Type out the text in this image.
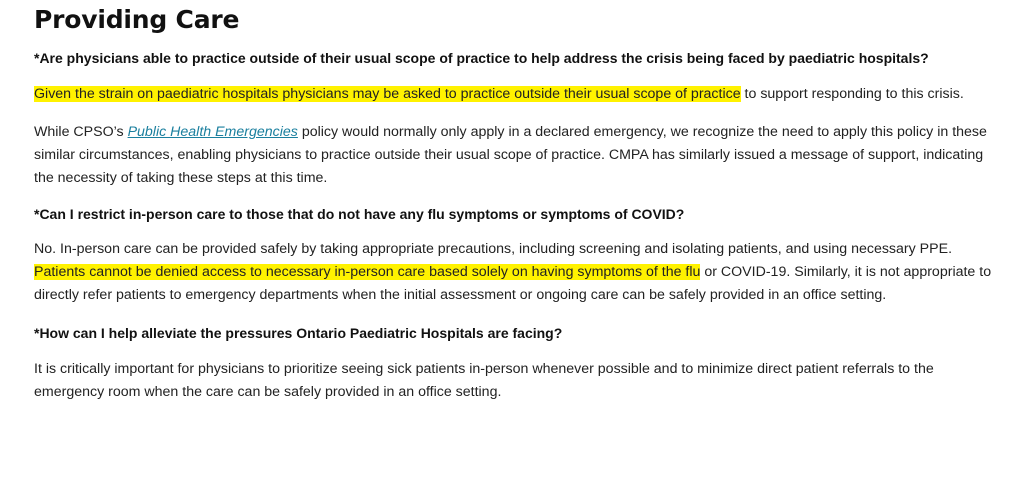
Providing Care
*Are physicians able to practice outside of their usual scope of practice to help address the crisis being faced by paediatric hospitals?

Given the strain on paediatric hospitals physicians may be asked to practice outside their usual scope of practice to support responding to this crisis.

While CPSO’s Public Health Emergencies policy would normally only apply in a declared emergency, we recognize the need to apply this policy in these similar circumstances, enabling physicians to practice outside their usual scope of practice. CMPA has similarly issued a message of support, indicating the necessity of taking these steps at this time.

*Can I restrict in-person care to those that do not have any flu symptoms or symptoms of COVID?

No. In-person care can be provided safely by taking appropriate precautions, including screening and isolating patients, and using necessary PPE. Patients cannot be denied access to necessary in-person care based solely on having symptoms of the flu or COVID-19. Similarly, it is not appropriate to directly refer patients to emergency departments when the initial assessment or ongoing care can be safely provided in an office setting.

*How can I help alleviate the pressures Ontario Paediatric Hospitals are facing?

It is critically important for physicians to prioritize seeing sick patients in-person whenever possible and to minimize direct patient referrals to the emergency room when the care can be safely provided in an office setting.
